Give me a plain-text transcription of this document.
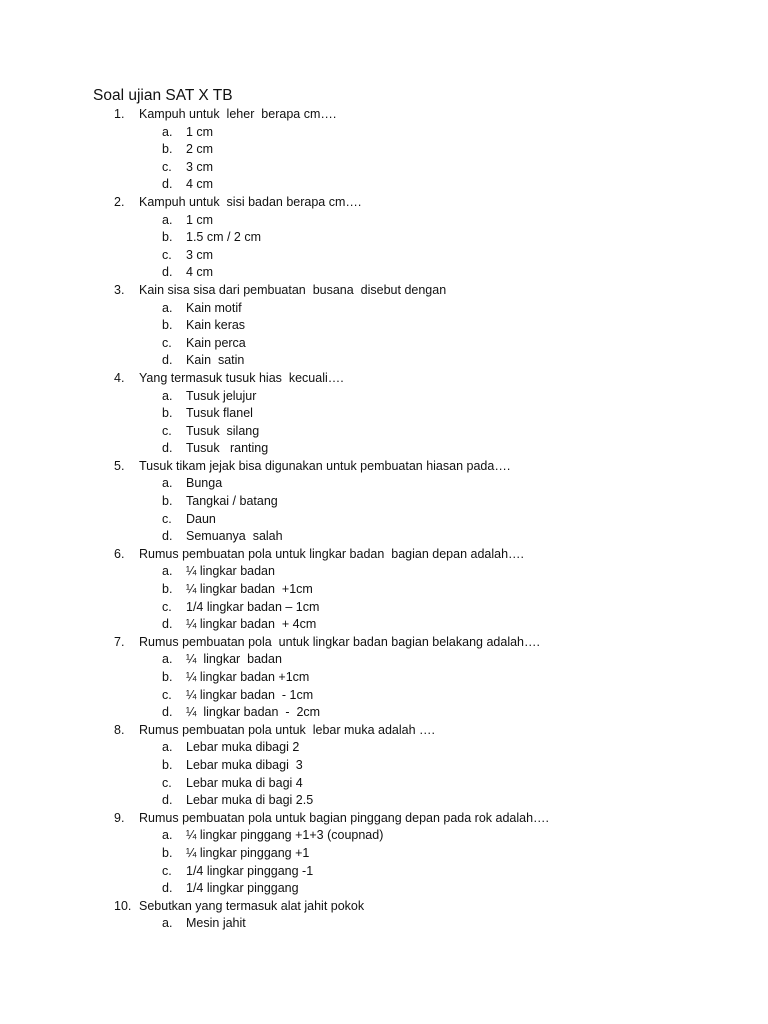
Soal ujian SAT X TB
1. Kampuh untuk  leher  berapa cm….
a. 1 cm
b. 2 cm
c. 3 cm
d. 4 cm
2. Kampuh untuk  sisi badan berapa cm….
a. 1 cm
b. 1.5 cm / 2 cm
c. 3 cm
d. 4 cm
3. Kain sisa sisa dari pembuatan  busana  disebut dengan
a. Kain motif
b. Kain keras
c. Kain perca
d. Kain  satin
4. Yang termasuk tusuk hias  kecuali….
a. Tusuk jelujur
b. Tusuk flanel
c. Tusuk  silang
d. Tusuk   ranting
5. Tusuk tikam jejak bisa digunakan untuk pembuatan hiasan pada….
a. Bunga
b. Tangkai / batang
c. Daun
d. Semuanya  salah
6. Rumus pembuatan pola untuk lingkar badan  bagian depan adalah….
a. ¼ lingkar badan
b. ¼ lingkar badan  +1cm
c. 1/4 lingkar badan – 1cm
d. ¼ lingkar badan  + 4cm
7. Rumus pembuatan pola  untuk lingkar badan bagian belakang adalah….
a. ¼  lingkar  badan
b. ¼ lingkar badan +1cm
c. ¼ lingkar badan  - 1cm
d. ¼  lingkar badan  -  2cm
8. Rumus pembuatan pola untuk  lebar muka adalah ….
a. Lebar muka dibagi 2
b. Lebar muka dibagi  3
c. Lebar muka di bagi 4
d. Lebar muka di bagi 2.5
9. Rumus pembuatan pola untuk bagian pinggang depan pada rok adalah….
a. ¼ lingkar pinggang +1+3 (coupnad)
b. ¼ lingkar pinggang +1
c. 1/4 lingkar pinggang -1
d. 1/4 lingkar pinggang
10. Sebutkan yang termasuk alat jahit pokok
a. Mesin jahit
